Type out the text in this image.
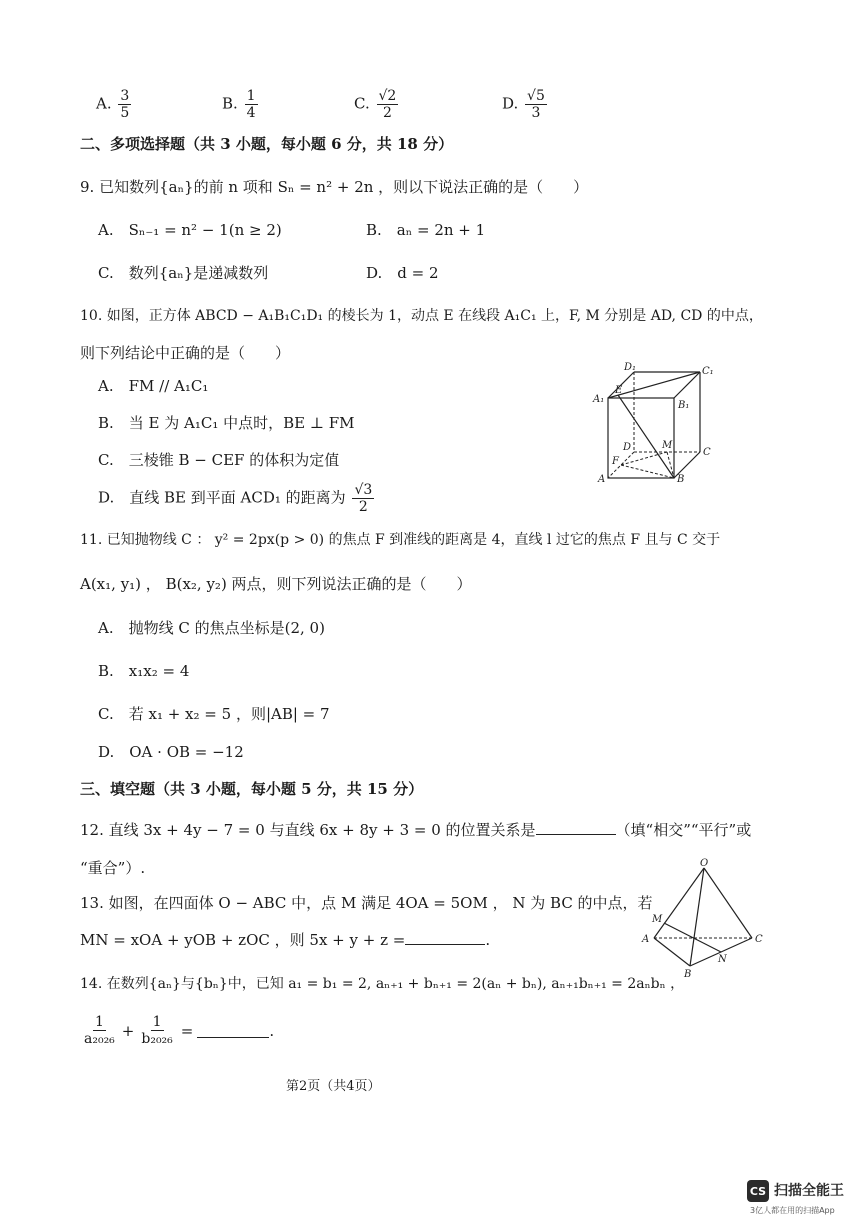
A. $\frac{3}{5}$	B. $\frac{1}{4}$	C. $\frac{√2}{2}$	D. $\frac{√5}{3}$
二、多项选择题（共 3 小题，每小题 6 分，共 18 分）
9. 已知数列{aₙ}的前 n 项和 Sₙ = n² + 2n ，则以下说法正确的是（　　）
A.　Sₙ₋₁ = n² − 1(n ≥ 2)	B.　aₙ = 2n + 1
C.　数列{aₙ}是递减数列	D.　d = 2
10. 如图，正方体 ABCD − A₁B₁C₁D₁ 的棱长为 1，动点 E 在线段 A₁C₁ 上，F, M 分别是 AD, CD 的中点，
则下列结论中正确的是（　　）
A.　FM // A₁C₁
B.　当 E 为 A₁C₁ 中点时，BE ⊥ FM
C.　三棱锥 B − CEF 的体积为定值
D.　直线 BE 到平面 ACD₁ 的距离为 $\frac{√3}{2}$
D₁	C₁
A₁
B₁
E
D	M
C
F
A	B
11. 已知抛物线 C ： y² = 2px(p > 0) 的焦点 F 到准线的距离是 4，直线 l 过它的焦点 F 且与 C 交于
A(x₁, y₁) ， B(x₂, y₂) 两点，则下列说法正确的是（　　）
A.　抛物线 C 的焦点坐标是(2, 0)
B.　x₁x₂ = 4
C.　若 x₁ + x₂ = 5 ，则|AB| = 7
D.　OA · OB = −12
三、填空题（共 3 小题，每小题 5 分，共 15 分）
12. 直线 3x + 4y − 7 = 0 与直线 6x + 8y + 3 = 0 的位置关系是	（填“相交”“平行”或
“重合”）.
13. 如图，在四面体 O − ABC 中，点 M 满足 4OA = 5OM ， N 为 BC 的中点，若
MN = xOA + yOB + zOC ，则 5x + y + z =	.
O
M
A	C
N
B
14. 在数列{aₙ}与{bₙ}中，已知 a₁ = b₁ = 2, aₙ₊₁ + bₙ₊₁ = 2(aₙ + bₙ), aₙ₊₁bₙ₊₁ = 2aₙbₙ ，
$\frac{1}{\text{a₂₀₂₆}} + \frac{1}{\text{b₂₀₂₆}}$ =	.
第2页（共4页）
CS 扫描全能王
3亿人都在用的扫描App
